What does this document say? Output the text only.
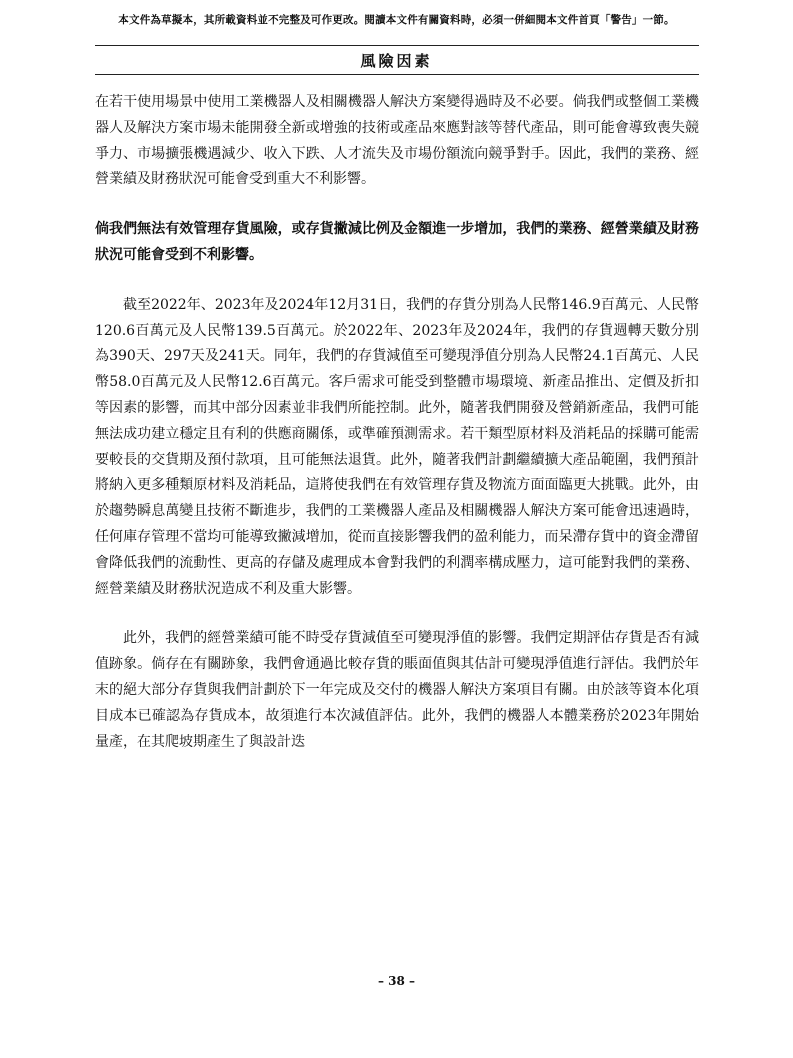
本文件為草擬本，其所載資料並不完整及可作更改。閱讀本文件有關資料時，必須一併細閱本文件首頁「警告」一節。
風險因素

在若干使用場景中使用工業機器人及相關機器人解決方案變得過時及不必要。倘我們或整個工業機器人及解決方案市場未能開發全新或增強的技術或產品來應對該等替代產品，則可能會導致喪失競爭力、市場擴張機遇減少、收入下跌、人才流失及市場份額流向競爭對手。因此，我們的業務、經營業績及財務狀況可能會受到重大不利影響。

倘我們無法有效管理存貨風險，或存貨撇減比例及金額進一步增加，我們的業務、經營業績及財務狀況可能會受到不利影響。

截至2022年、2023年及2024年12月31日，我們的存貨分別為人民幣146.9百萬元、人民幣120.6百萬元及人民幣139.5百萬元。於2022年、2023年及2024年，我們的存貨週轉天數分別為390天、297天及241天。同年，我們的存貨減值至可變現淨值分別為人民幣24.1百萬元、人民幣58.0百萬元及人民幣12.6百萬元。客戶需求可能受到整體市場環境、新產品推出、定價及折扣等因素的影響，而其中部分因素並非我們所能控制。此外，隨著我們開發及營銷新產品，我們可能無法成功建立穩定且有利的供應商關係，或準確預測需求。若干類型原材料及消耗品的採購可能需要較長的交貨期及預付款項，且可能無法退貨。此外，隨著我們計劃繼續擴大產品範圍，我們預計將納入更多種類原材料及消耗品，這將使我們在有效管理存貨及物流方面面臨更大挑戰。此外，由於趨勢瞬息萬變且技術不斷進步，我們的工業機器人產品及相關機器人解決方案可能會迅速過時，任何庫存管理不當均可能導致撇減增加，從而直接影響我們的盈利能力，而呆滯存貨中的資金滯留會降低我們的流動性、更高的存儲及處理成本會對我們的利潤率構成壓力，這可能對我們的業務、經營業績及財務狀況造成不利及重大影響。

此外，我們的經營業績可能不時受存貨減值至可變現淨值的影響。我們定期評估存貨是否有減值跡象。倘存在有關跡象，我們會通過比較存貨的賬面值與其估計可變現淨值進行評估。我們於年末的絕大部分存貨與我們計劃於下一年完成及交付的機器人解決方案項目有關。由於該等資本化項目成本已確認為存貨成本，故須進行本次減值評估。此外，我們的機器人本體業務於2023年開始量產，在其爬坡期產生了與設計迭

– 38 –
